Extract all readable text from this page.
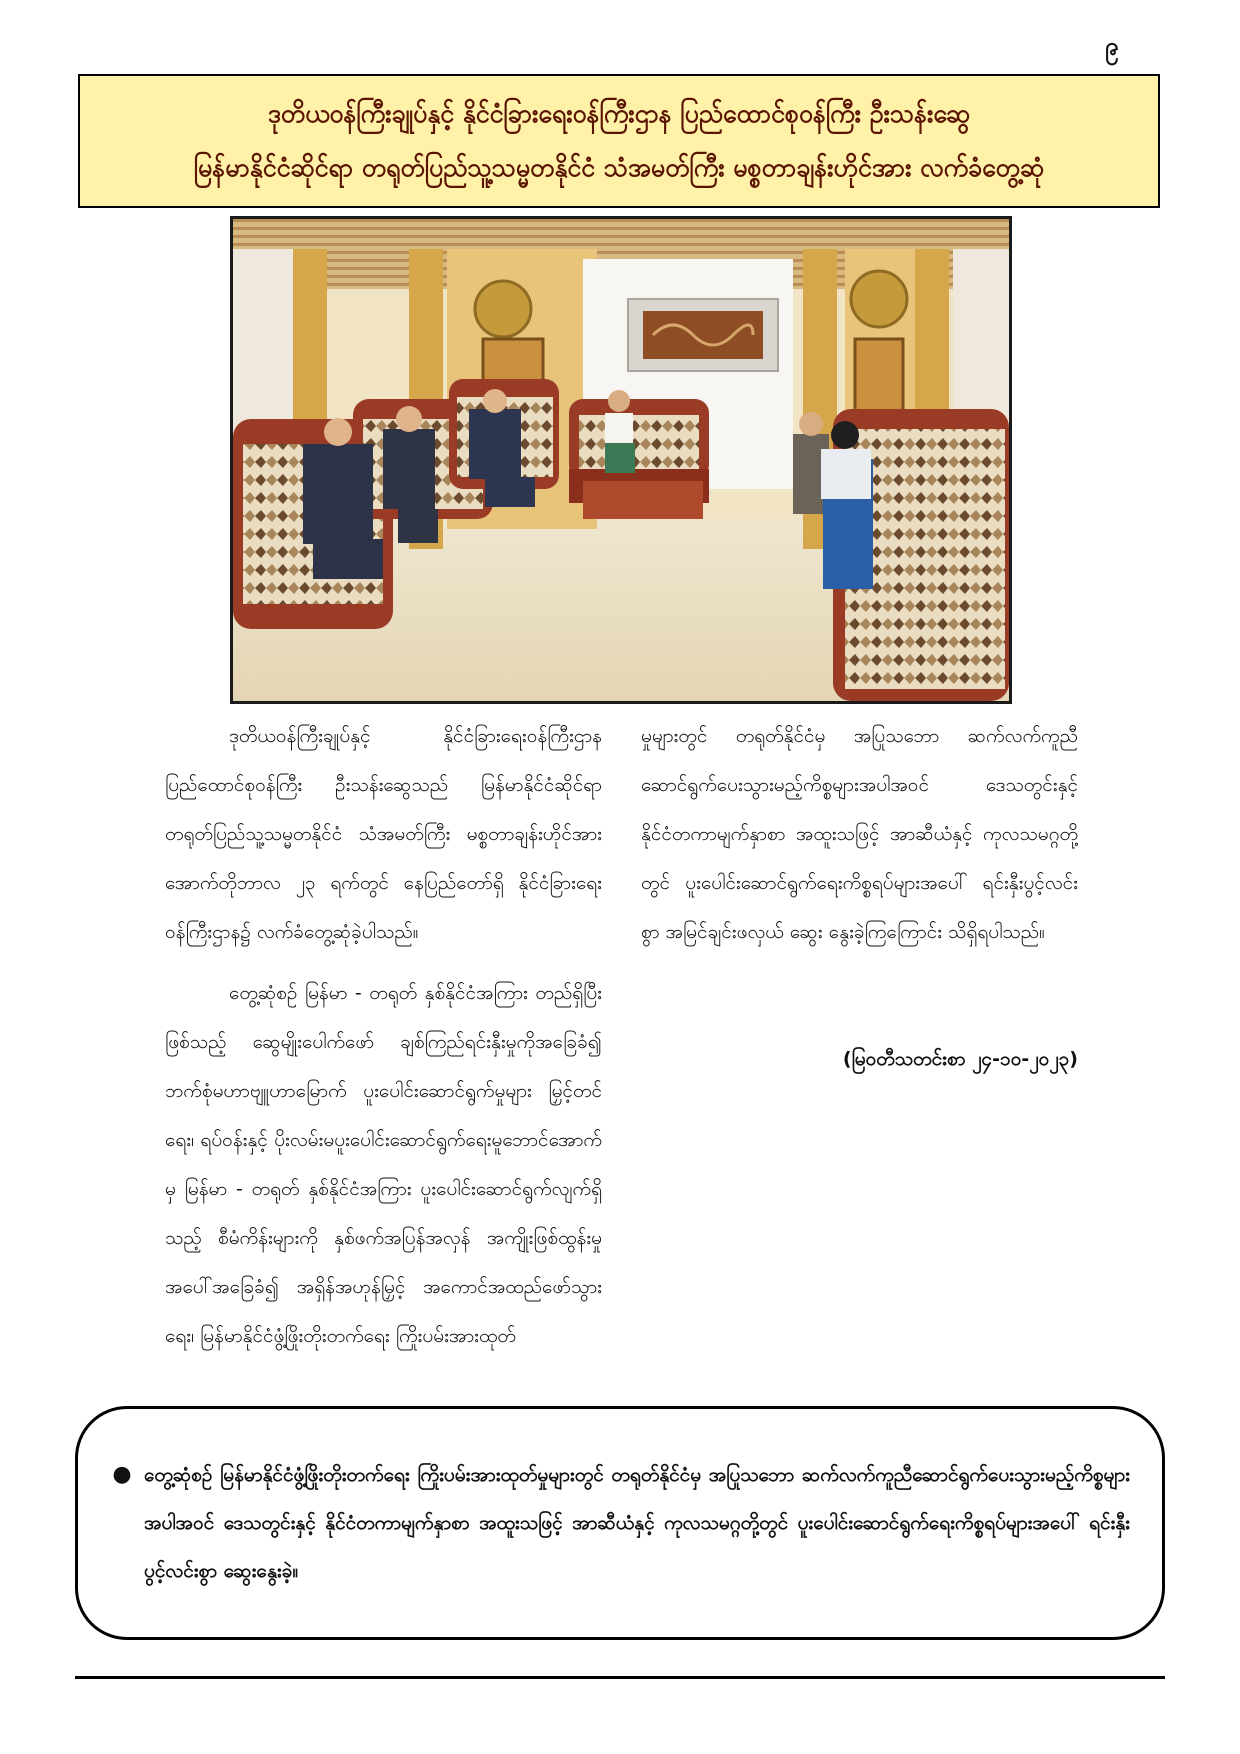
၉
ဒုတိယဝန်ကြီးချုပ်နှင့် နိုင်ငံခြားရေးဝန်ကြီးဌာန ပြည်ထောင်စုဝန်ကြီး ဦးသန်းဆွေ
မြန်မာနိုင်ငံဆိုင်ရာ တရုတ်ပြည်သူ့သမ္မတနိုင်ငံ သံအမတ်ကြီး မစ္စတာချန်းဟိုင်အား လက်ခံတွေ့ဆုံ

ဒုတိယဝန်ကြီးချုပ်နှင့် နိုင်ငံခြားရေးဝန်ကြီးဌာန ပြည်ထောင်စုဝန်ကြီး ဦးသန်းဆွေသည် မြန်မာနိုင်ငံဆိုင်ရာ တရုတ်ပြည်သူ့သမ္မတနိုင်ငံ သံအမတ်ကြီး မစ္စတာချန်းဟိုင်အား အောက်တိုဘာလ ၂၃ ရက်တွင် နေပြည်တော်ရှိ နိုင်ငံခြားရေးဝန်ကြီးဌာန၌ လက်ခံတွေ့ဆုံခဲ့ပါသည်။

တွေ့ဆုံစဉ် မြန်မာ - တရုတ် နှစ်နိုင်ငံအကြား တည်ရှိပြီးဖြစ်သည့် ဆွေမျိုးပေါက်ဖော် ချစ်ကြည်ရင်းနှီးမှုကိုအခြေခံ၍ ဘက်စုံမဟာဗျူဟာမြောက် ပူးပေါင်းဆောင်ရွက်မှုများ မြှင့်တင်ရေး၊ ရပ်ဝန်းနှင့် ပိုးလမ်းမပူးပေါင်းဆောင်ရွက်ရေးမူဘောင်အောက်မှ မြန်မာ - တရုတ် နှစ်နိုင်ငံအကြား ပူးပေါင်းဆောင်ရွက်လျက်ရှိသည့် စီမံကိန်းများကို နှစ်ဖက်အပြန်အလှန် အကျိုးဖြစ်ထွန်းမှုအပေါ်အခြေခံ၍ အရှိန်အဟုန်မြှင့် အကောင်အထည်ဖော်သွားရေး၊ မြန်မာနိုင်ငံဖွံ့ဖြိုးတိုးတက်ရေး ကြိုးပမ်းအားထုတ်

မှုများတွင် တရုတ်နိုင်ငံမှ အပြုသဘော ဆက်လက်ကူညီဆောင်ရွက်ပေးသွားမည့်ကိစ္စများအပါအဝင် ဒေသတွင်းနှင့် နိုင်ငံတကာမျက်နှာစာ အထူးသဖြင့် အာဆီယံနှင့် ကုလသမဂ္ဂတို့တွင် ပူးပေါင်းဆောင်ရွက်ရေးကိစ္စရပ်များအပေါ် ရင်းနှီးပွင့်လင်းစွာ အမြင်ချင်းဖလှယ် ဆွေး နွေးခဲ့ကြကြောင်း သိရှိရပါသည်။

(မြဝတီသတင်းစာ ၂၄-၁၀-၂၀၂၃)
● တွေ့ဆုံစဉ် မြန်မာနိုင်ငံဖွံ့ဖြိုးတိုးတက်ရေး ကြိုးပမ်းအားထုတ်မှုများတွင် တရုတ်နိုင်ငံမှ အပြုသဘော ဆက်လက်ကူညီဆောင်ရွက်ပေးသွားမည့်ကိစ္စများအပါအဝင် ဒေသတွင်းနှင့် နိုင်ငံတကာမျက်နှာစာ အထူးသဖြင့် အာဆီယံနှင့် ကုလသမဂ္ဂတို့တွင် ပူးပေါင်းဆောင်ရွက်ရေးကိစ္စရပ်များအပေါ် ရင်းနှီးပွင့်လင်းစွာ ဆွေးနွေးခဲ့။
